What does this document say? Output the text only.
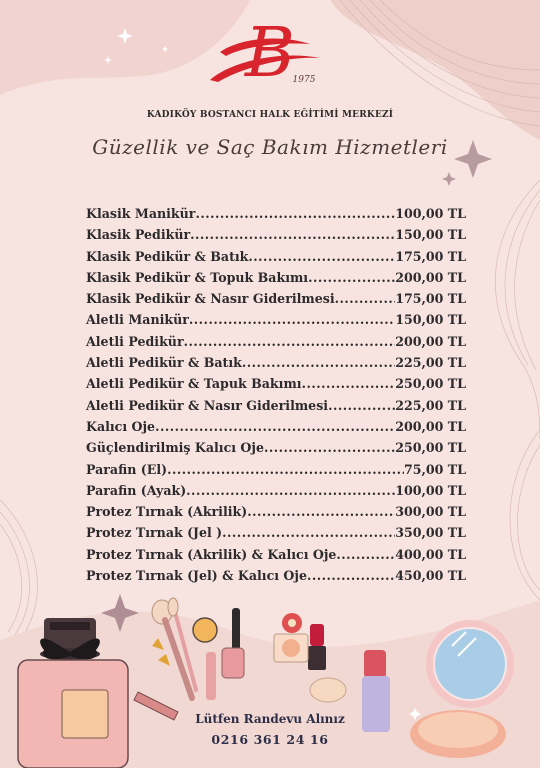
B
1975
KADIKÖY BOSTANCI HALK EĞİTİMİ MERKEZİ
Güzellik ve Saç Bakım Hizmetleri
Klasik Manikür .....	100,00 TL
Klasik Pedikür .....	150,00 TL
Klasik Pedikür & Batık .....	175,00 TL
Klasik Pedikür & Topuk Bakımı .....	200,00 TL
Klasik Pedikür & Nasır Giderilmesi .....	175,00 TL
Aletli Manikür .....	150,00 TL
Aletli Pedikür .....	200,00 TL
Aletli Pedikür & Batık .....	225,00 TL
Aletli Pedikür & Tapuk Bakımı .....	250,00 TL
Aletli Pedikür & Nasır Giderilmesi .....	225,00 TL
Kalıcı Oje .....	200,00 TL
Güçlendirilmiş Kalıcı Oje .....	250,00 TL
Parafin (El) .....	75,00 TL
Parafin (Ayak) .....	100,00 TL
Protez Tırnak (Akrilik) .....	300,00 TL
Protez Tırnak (Jel ) .....	350,00 TL
Protez Tırnak (Akrilik) & Kalıcı Oje .....	400,00 TL
Protez Tırnak (Jel) & Kalıcı Oje .....	450,00 TL
Lütfen Randevu Alınız
0216 361 24 16
